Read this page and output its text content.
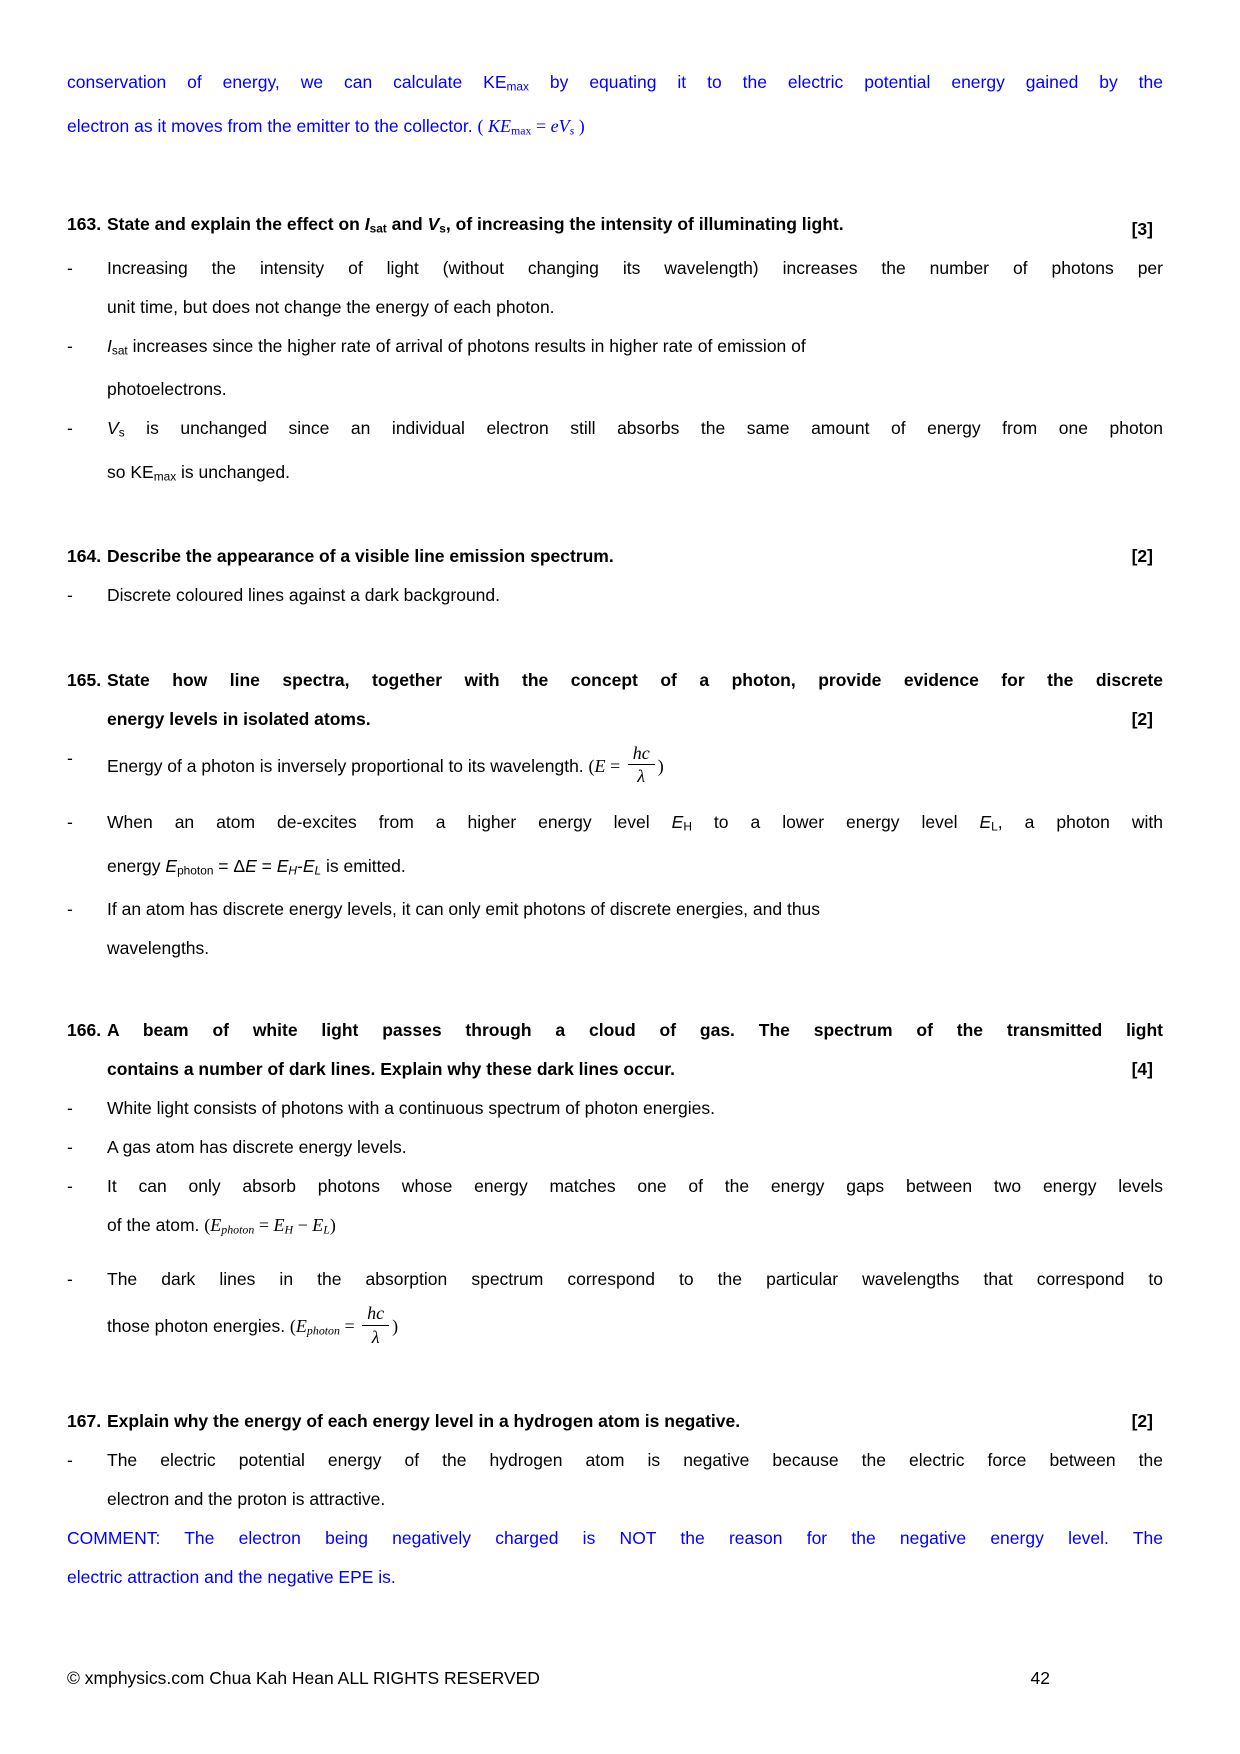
conservation of energy, we can calculate $KE_{max}$ by equating it to the electric potential energy gained by the
electron as it moves from the emitter to the collector. ( $KE_{max} = eV_s$ )
163. State and explain the effect on $I_{sat}$ and $V_s$, of increasing the intensity of illuminating light.	[3]
-	Increasing the intensity of light (without changing its wavelength) increases the number of photons per
unit time, but does not change the energy of each photon.
-	$I_{sat}$ increases since the higher rate of arrival of photons results in higher rate of emission of
photoelectrons.
-	$V_s$ is unchanged since an individual electron still absorbs the same amount of energy from one photon
so $KE_{max}$ is unchanged.
164. Describe the appearance of a visible line emission spectrum.	[2]
-	Discrete coloured lines against a dark background.
165. State how line spectra, together with the concept of a photon, provide evidence for the discrete
energy levels in isolated atoms.	[2]
-	Energy of a photon is inversely proportional to its wavelength. ($E = \frac{hc}{\lambda}$ )
-	When an atom de-excites from a higher energy level $E_H$ to a lower energy level $E_L$, a photon with
energy $E_{photon} = \Delta E = E_H-E_L$ is emitted.
-	If an atom has discrete energy levels, it can only emit photons of discrete energies, and thus
wavelengths.
166. A beam of white light passes through a cloud of gas. The spectrum of the transmitted light
contains a number of dark lines. Explain why these dark lines occur.	[4]
-	White light consists of photons with a continuous spectrum of photon energies.
-	A gas atom has discrete energy levels.
-	It can only absorb photons whose energy matches one of the energy gaps between two energy levels
of the atom. $(E_{photon} = E_H - E_L)$
-	The dark lines in the absorption spectrum correspond to the particular wavelengths that correspond to
those photon energies. ($E_{photon} = \frac{hc}{\lambda}$ )
167. Explain why the energy of each energy level in a hydrogen atom is negative.	[2]
-	The electric potential energy of the hydrogen atom is negative because the electric force between the
electron and the proton is attractive.
COMMENT: The electron being negatively charged is NOT the reason for the negative energy level. The
electric attraction and the negative EPE is.
© xmphysics.com Chua Kah Hean ALL RIGHTS RESERVED	42
